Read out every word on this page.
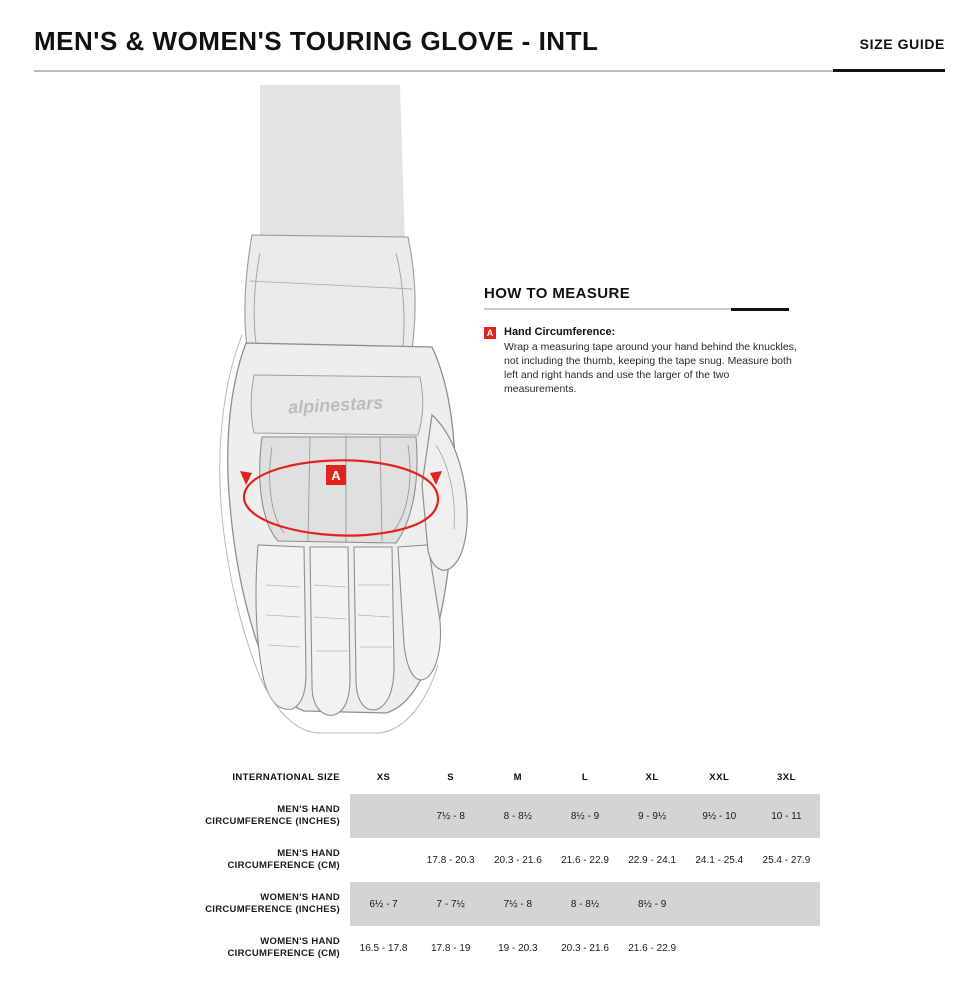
MEN'S & WOMEN'S TOURING GLOVE - INTL	SIZE GUIDE
alpinestars
A
HOW TO MEASURE
A Hand Circumference:
Wrap a measuring tape around your hand behind the knuckles, not including the thumb, keeping the tape snug. Measure both left and right hands and use the larger of the two measurements.
INTERNATIONAL SIZE	XS	S	M	L	XL	XXL	3XL

MEN'S HAND
CIRCUMFERENCE (INCHES)		7½ - 8	8 - 8½	8½ - 9	9 - 9½	9½ - 10	10 - 11

MEN'S HAND
CIRCUMFERENCE (CM)		17.8 - 20.3	20.3 - 21.6	21.6 - 22.9	22.9 - 24.1	24.1 - 25.4	25.4 - 27.9

WOMEN'S HAND
CIRCUMFERENCE (INCHES)	6½ - 7	7 - 7½	7½ - 8	8 - 8½	8½ - 9		

WOMEN'S HAND
CIRCUMFERENCE (CM)	16.5 - 17.8	17.8 - 19	19 - 20.3	20.3 - 21.6	21.6 - 22.9		
